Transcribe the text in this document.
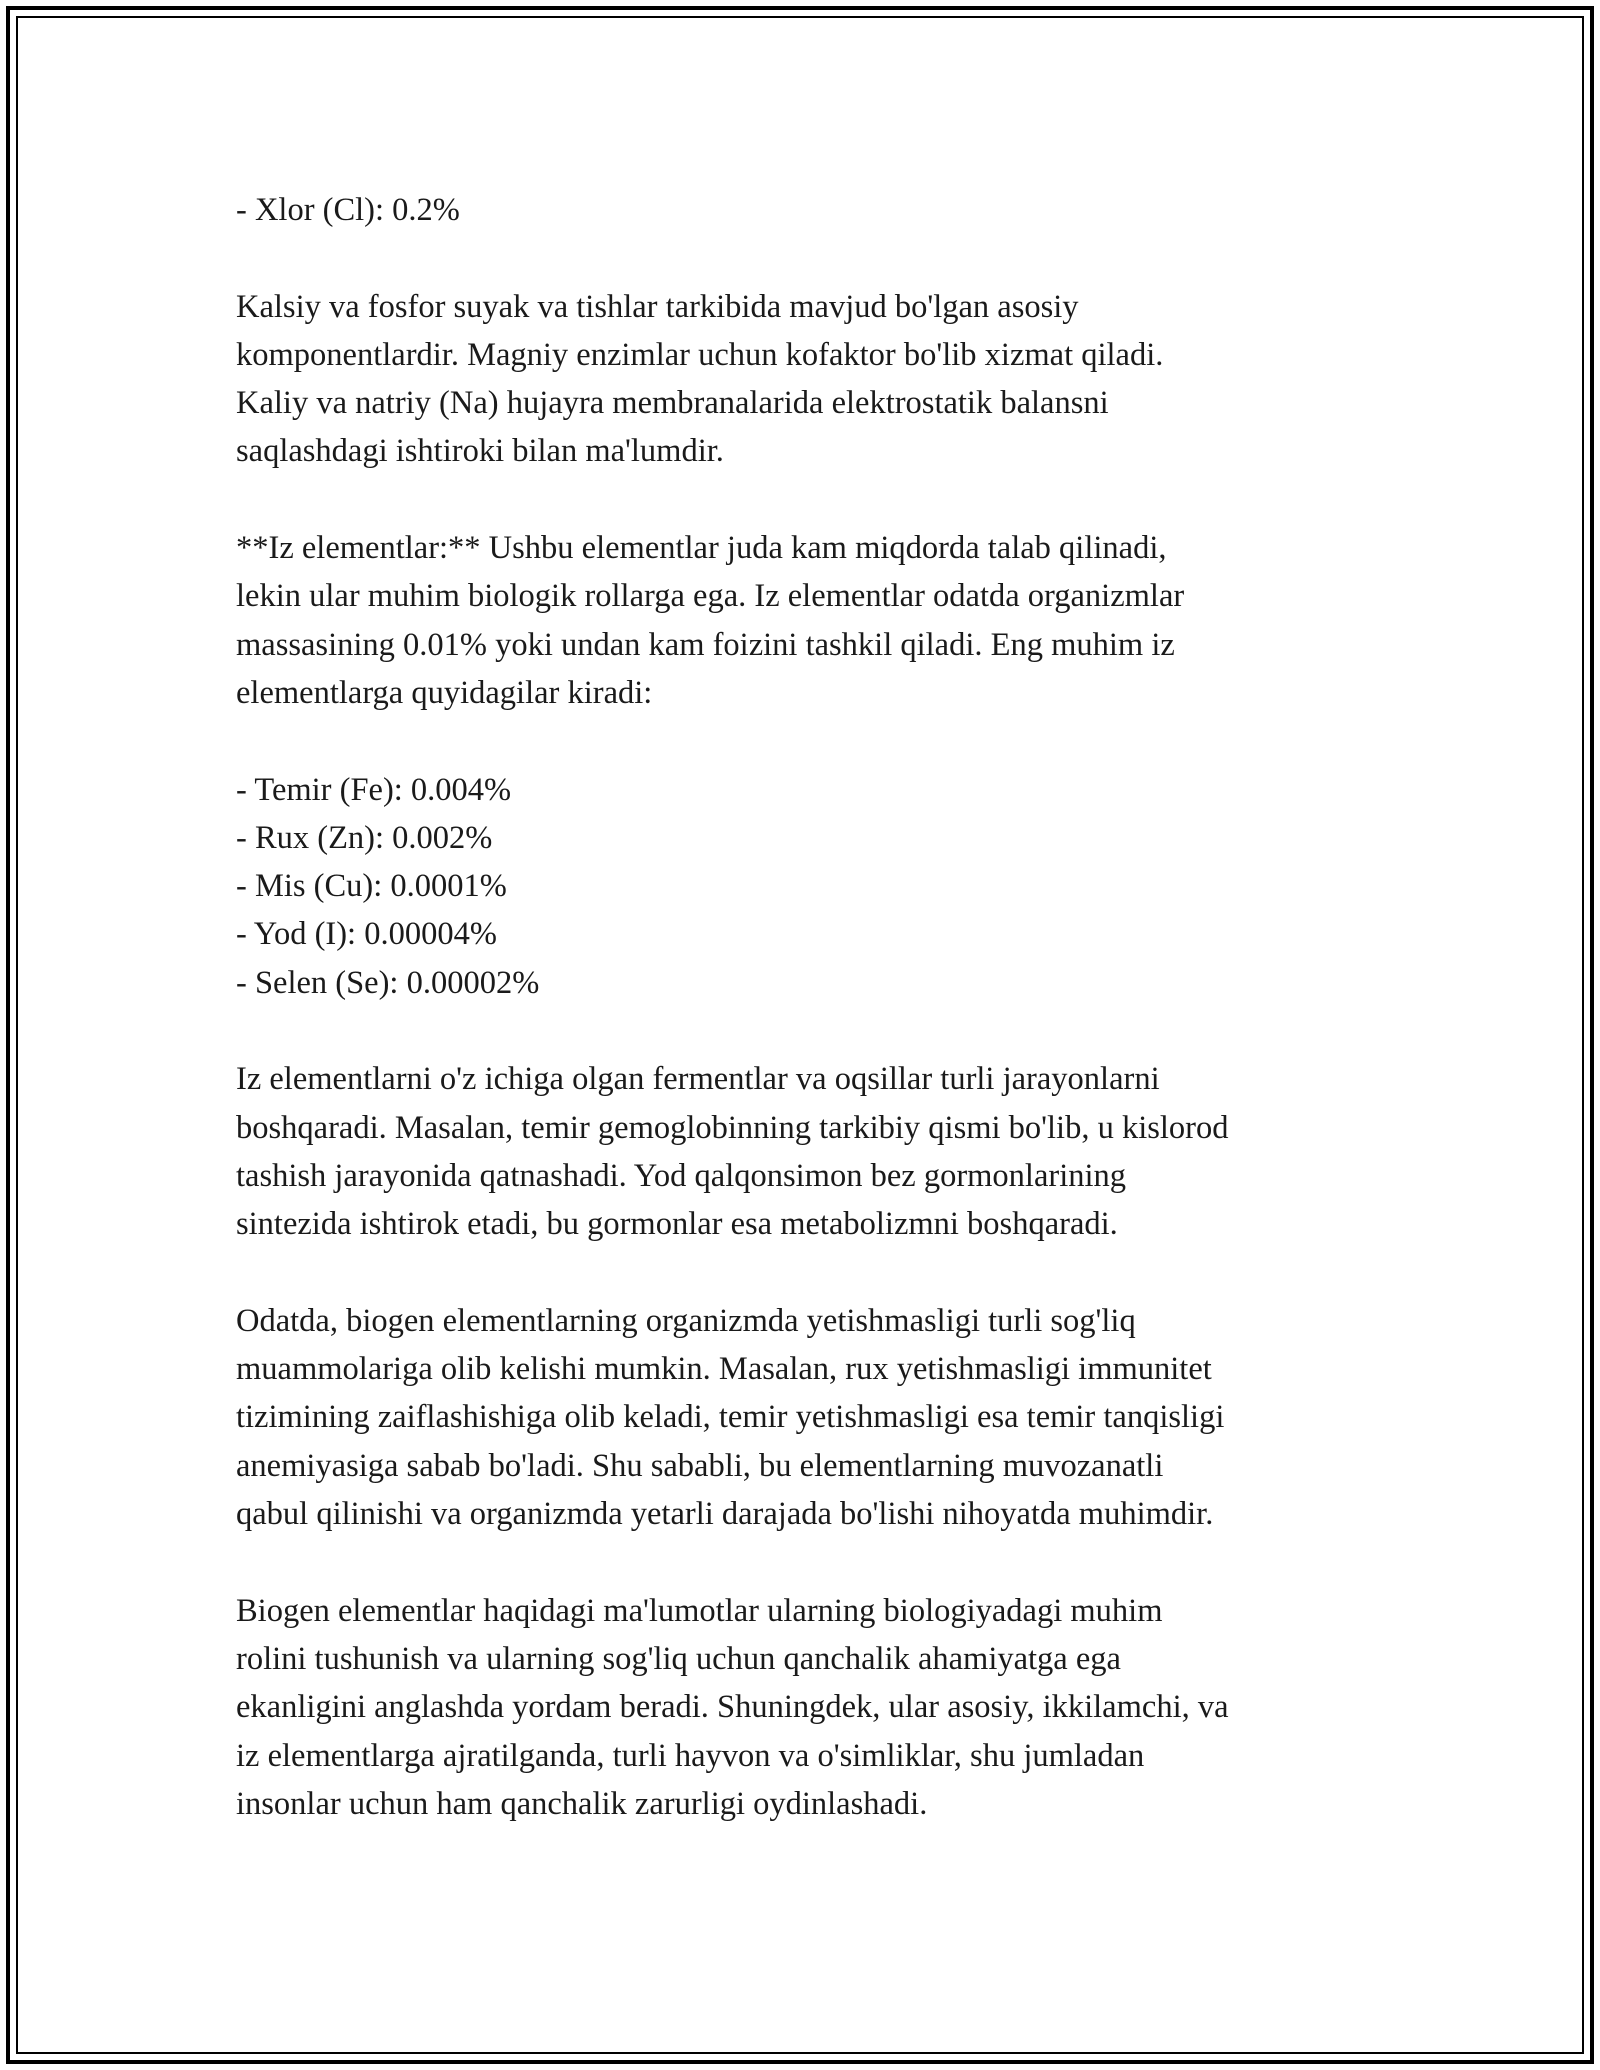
- Xlor (Cl): 0.2%

Kalsiy va fosfor suyak va tishlar tarkibida mavjud bo'lgan asosiy
komponentlardir. Magniy enzimlar uchun kofaktor bo'lib xizmat qiladi.
Kaliy va natriy (Na) hujayra membranalarida elektrostatik balansni
saqlashdagi ishtiroki bilan ma'lumdir.

**Iz elementlar:** Ushbu elementlar juda kam miqdorda talab qilinadi,
lekin ular muhim biologik rollarga ega. Iz elementlar odatda organizmlar
massasining 0.01% yoki undan kam foizini tashkil qiladi. Eng muhim iz
elementlarga quyidagilar kiradi:

- Temir (Fe): 0.004%
- Rux (Zn): 0.002%
- Mis (Cu): 0.0001%
- Yod (I): 0.00004%
- Selen (Se): 0.00002%

Iz elementlarni o'z ichiga olgan fermentlar va oqsillar turli jarayonlarni
boshqaradi. Masalan, temir gemoglobinning tarkibiy qismi bo'lib, u kislorod
tashish jarayonida qatnashadi. Yod qalqonsimon bez gormonlarining
sintezida ishtirok etadi, bu gormonlar esa metabolizmni boshqaradi.

Odatda, biogen elementlarning organizmda yetishmasligi turli sog'liq
muammolariga olib kelishi mumkin. Masalan, rux yetishmasligi immunitet
tizimining zaiflashishiga olib keladi, temir yetishmasligi esa temir tanqisligi
anemiyasiga sabab bo'ladi. Shu sababli, bu elementlarning muvozanatli
qabul qilinishi va organizmda yetarli darajada bo'lishi nihoyatda muhimdir.

Biogen elementlar haqidagi ma'lumotlar ularning biologiyadagi muhim
rolini tushunish va ularning sog'liq uchun qanchalik ahamiyatga ega
ekanligini anglashda yordam beradi. Shuningdek, ular asosiy, ikkilamchi, va
iz elementlarga ajratilganda, turli hayvon va o'simliklar, shu jumladan
insonlar uchun ham qanchalik zarurligi oydinlashadi.
